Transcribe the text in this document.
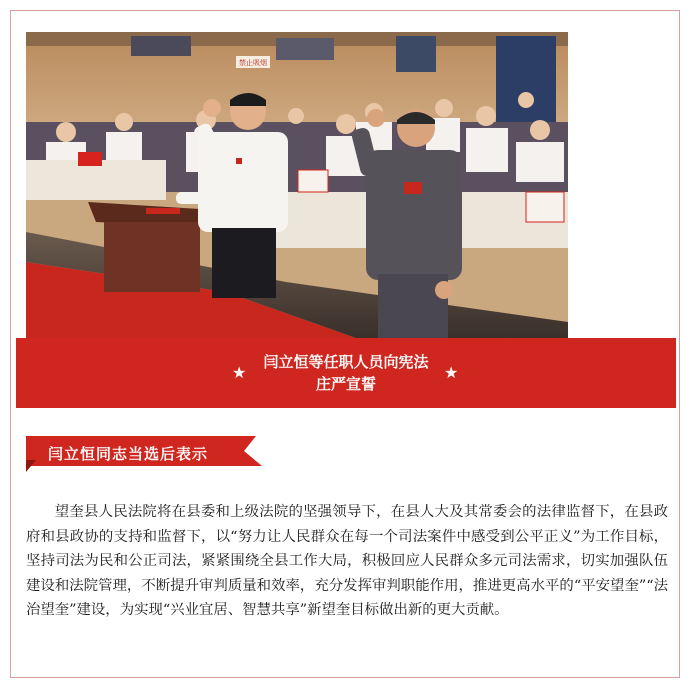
禁止吸烟
闫立恒等任职人员向宪法
庄严宣誓
★	★
闫立恒同志当选后表示

望奎县人民法院将在县委和上级法院的坚强领导下，在县人大及其常委会的法律监督下，在县政府和县政协的支持和监督下，以“努力让人民群众在每一个司法案件中感受到公平正义”为工作目标，坚持司法为民和公正司法，紧紧围绕全县工作大局，积极回应人民群众多元司法需求，切实加强队伍建设和法院管理，不断提升审判质量和效率，充分发挥审判职能作用，推进更高水平的“平安望奎”“法治望奎”建设，为实现“兴业宜居、智慧共享”新望奎目标做出新的更大贡献。
